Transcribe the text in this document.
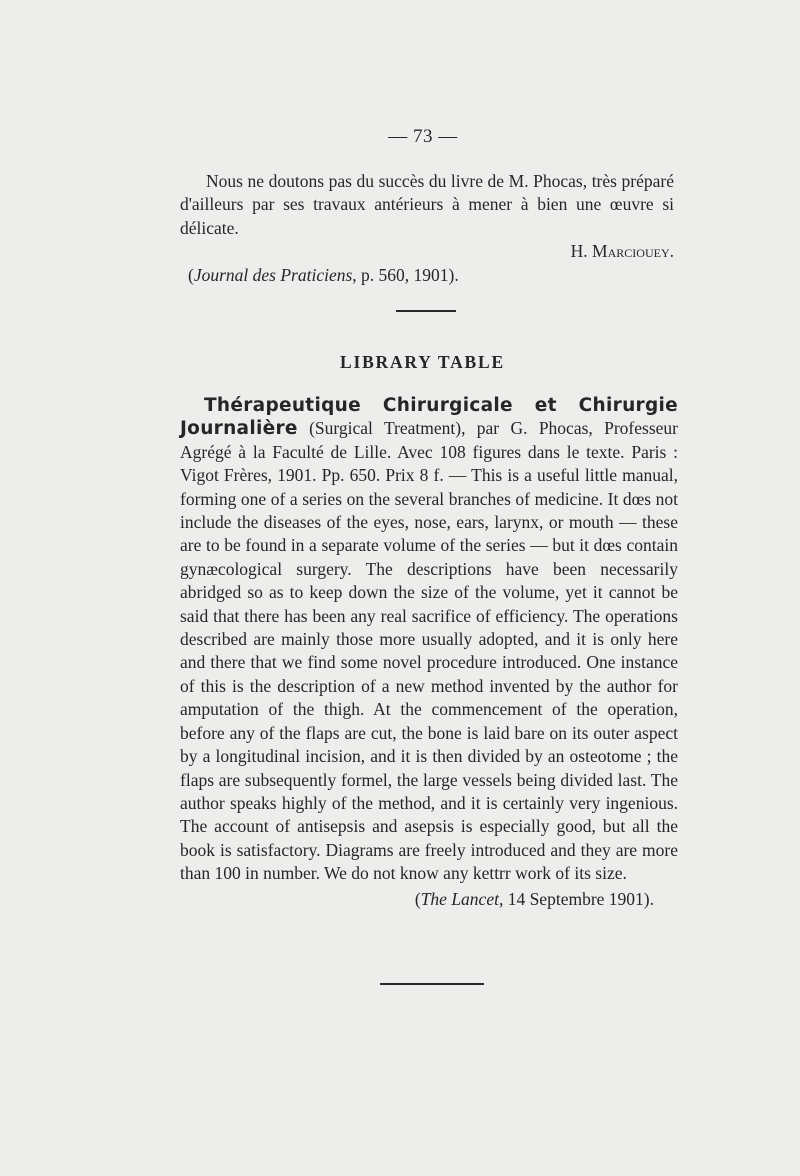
— 73 —

Nous ne doutons pas du succès du livre de M. Phocas, très préparé d'ailleurs par ses travaux antérieurs à mener à bien une œuvre si délicate.

H. Marciouey.

(Journal des Praticiens, p. 560, 1901).

LIBRARY TABLE

Thérapeutique Chirurgicale et Chirurgie Journalière (Surgical Treatment), par G. Phocas, Professeur Agrégé à la Faculté de Lille. Avec 108 figures dans le texte. Paris : Vigot Frères, 1901. Pp. 650. Prix 8 f. — This is a useful little manual, forming one of a series on the several branches of medicine. It dœs not include the diseases of the eyes, nose, ears, larynx, or mouth — these are to be found in a separate volume of the series — but it dœs contain gynæcological surgery. The descriptions have been necessarily abridged so as to keep down the size of the volume, yet it cannot be said that there has been any real sacrifice of efficiency. The operations described are mainly those more usually adopted, and it is only here and there that we find some novel procedure introduced. One instance of this is the description of a new method invented by the author for amputation of the thigh. At the commencement of the operation, before any of the flaps are cut, the bone is laid bare on its outer aspect by a longitudinal incision, and it is then divided by an osteotome ; the flaps are subsequently formel, the large vessels being divided last. The author speaks highly of the method, and it is certainly very ingenious. The account of antisepsis and asepsis is especially good, but all the book is satisfactory. Diagrams are freely introduced and they are more than 100 in number. We do not know any kettrr work of its size.

(The Lancet, 14 Septembre 1901).
